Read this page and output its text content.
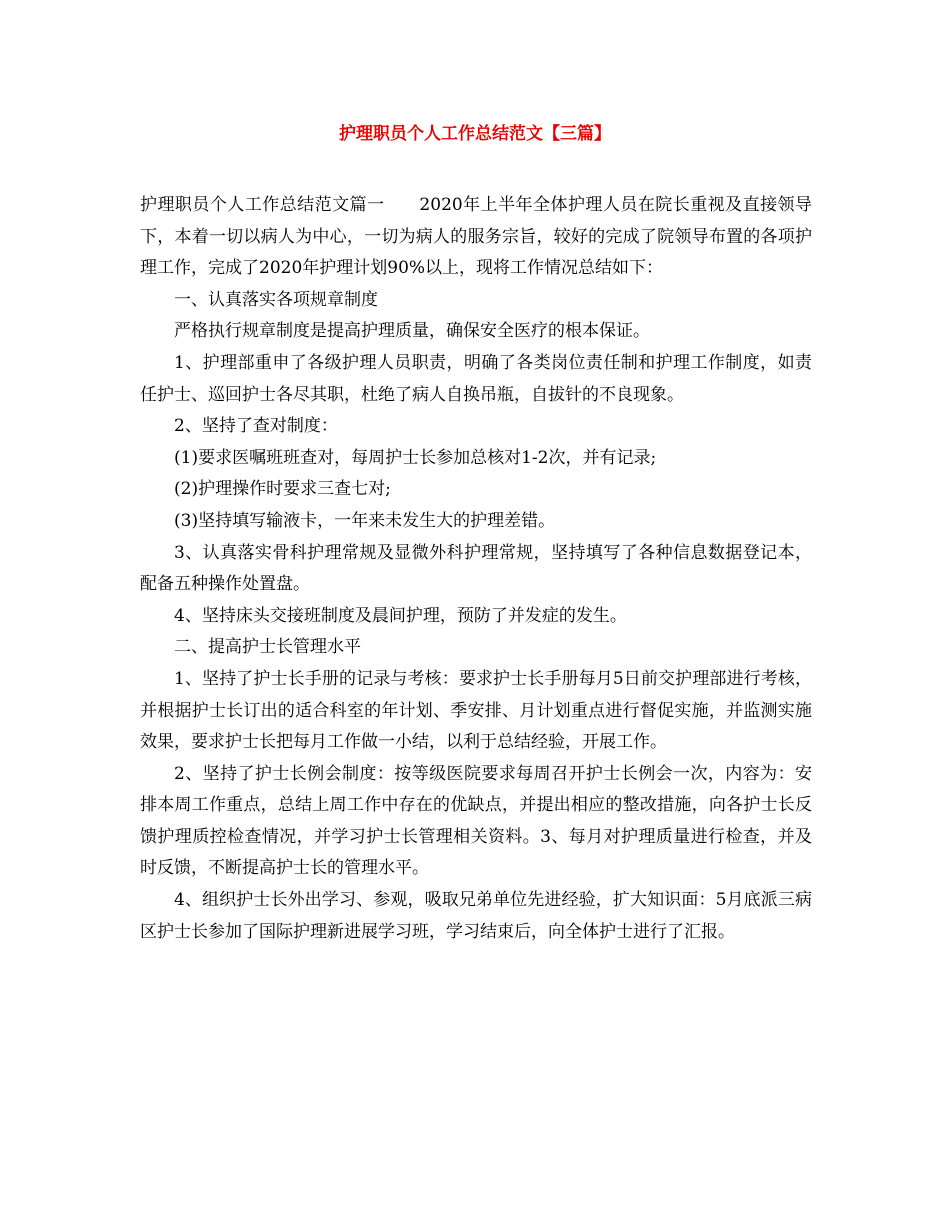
护理职员个人工作总结范文【三篇】

护理职员个人工作总结范文篇一　　2020年上半年全体护理人员在院长重视及直接领导下，本着一切以病人为中心，一切为病人的服务宗旨，较好的完成了院领导布置的各项护理工作，完成了2020年护理计划90%以上，现将工作情况总结如下：

一、认真落实各项规章制度

严格执行规章制度是提高护理质量，确保安全医疗的根本保证。

1、护理部重申了各级护理人员职责，明确了各类岗位责任制和护理工作制度，如责任护士、巡回护士各尽其职，杜绝了病人自换吊瓶，自拔针的不良现象。

2、坚持了查对制度：

(1)要求医嘱班班查对，每周护士长参加总核对1-2次，并有记录;

(2)护理操作时要求三查七对;

(3)坚持填写输液卡，一年来未发生大的护理差错。

3、认真落实骨科护理常规及显微外科护理常规，坚持填写了各种信息数据登记本，配备五种操作处置盘。

4、坚持床头交接班制度及晨间护理，预防了并发症的发生。

二、提高护士长管理水平

1、坚持了护士长手册的记录与考核：要求护士长手册每月5日前交护理部进行考核，并根据护士长订出的适合科室的年计划、季安排、月计划重点进行督促实施，并监测实施效果，要求护士长把每月工作做一小结，以利于总结经验，开展工作。

2、坚持了护士长例会制度：按等级医院要求每周召开护士长例会一次，内容为：安排本周工作重点，总结上周工作中存在的优缺点，并提出相应的整改措施，向各护士长反馈护理质控检查情况，并学习护士长管理相关资料。3、每月对护理质量进行检查，并及时反馈，不断提高护士长的管理水平。

4、组织护士长外出学习、参观，吸取兄弟单位先进经验，扩大知识面：5月底派三病区护士长参加了国际护理新进展学习班，学习结束后，向全体护士进行了汇报。
